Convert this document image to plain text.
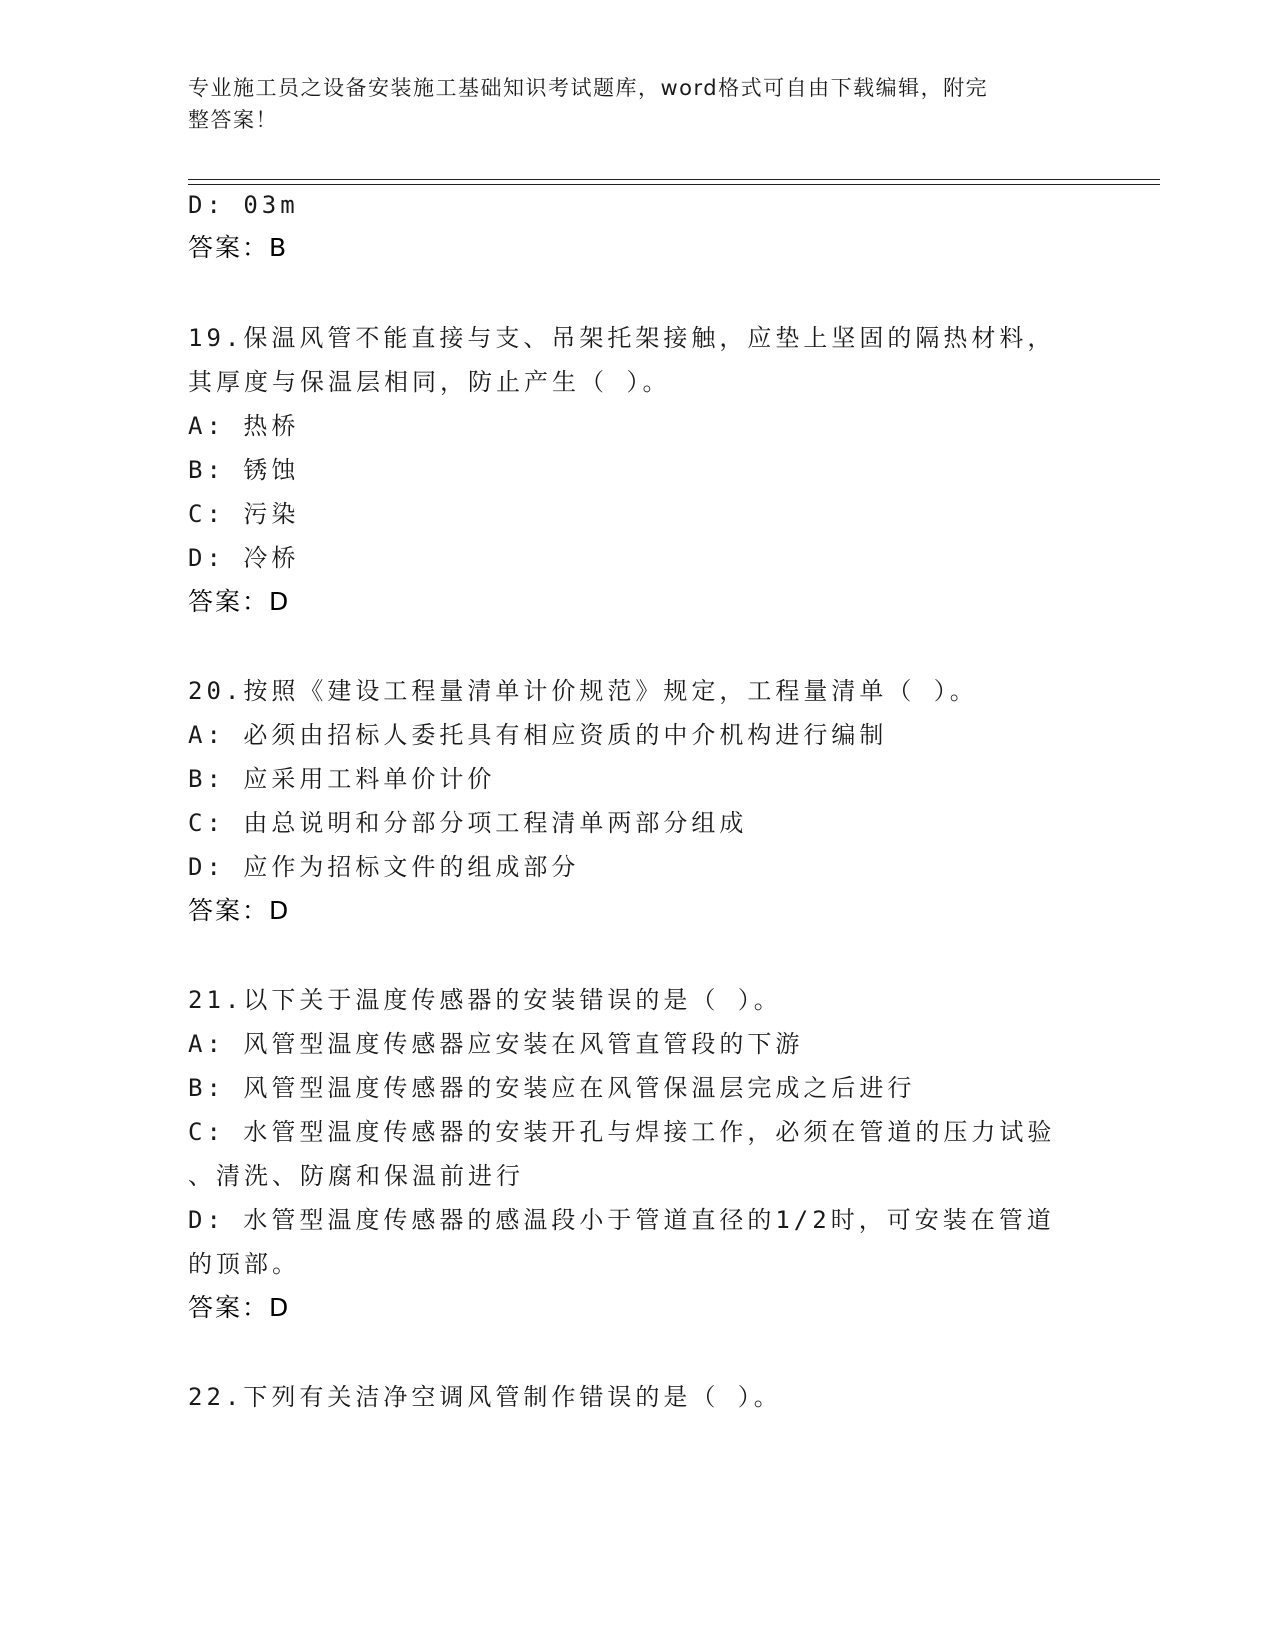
专业施工员之设备安装施工基础知识考试题库，word格式可自由下载编辑，附完
整答案！
D: 03m
答案：B
19.保温风管不能直接与支、吊架托架接触，应垫上坚固的隔热材料，
其厚度与保温层相同，防止产生（ ）。
A: 热桥
B: 锈蚀
C: 污染
D: 冷桥
答案：D
20.按照《建设工程量清单计价规范》规定，工程量清单（ ）。
A: 必须由招标人委托具有相应资质的中介机构进行编制
B: 应采用工料单价计价
C: 由总说明和分部分项工程清单两部分组成
D: 应作为招标文件的组成部分
答案：D
21.以下关于温度传感器的安装错误的是（ ）。
A: 风管型温度传感器应安装在风管直管段的下游
B: 风管型温度传感器的安装应在风管保温层完成之后进行
C: 水管型温度传感器的安装开孔与焊接工作，必须在管道的压力试验
、清洗、防腐和保温前进行
D: 水管型温度传感器的感温段小于管道直径的1/2时，可安装在管道
的顶部。
答案：D
22.下列有关洁净空调风管制作错误的是（ ）。
